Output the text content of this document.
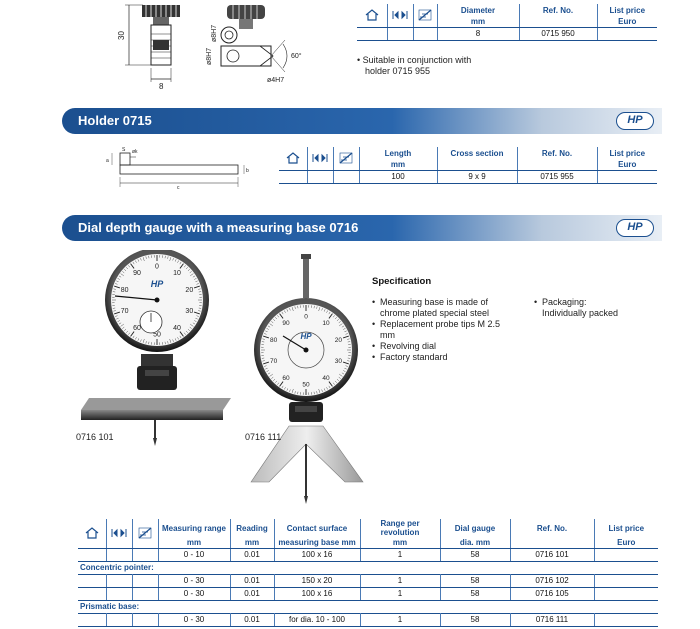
30
8
ø8H7
ø8H7
ø4H7
60°

	Diameter	Ref. No.	List price
			mm		Euro
			8	0715 950	
• Suitable in conjunction with
holder 0715 955
Holder 0715	HP
a
b
c
S øk

		Length	Cross section	Ref. No.	List price
			mm			Euro
			100	9 x 9	0715 955	
Dial depth gauge with a measuring base 0716	HP
0
10
20
30
40
50
60
70
80
90
HP
0716 101
0
10
20
30
40
50
60
70
80
90
HP
0716 111
Specification
• Measuring base is made of chrome plated special steel
• Replacement probe tips M 2.5 mm
• Revolving dial
• Factory standard
• Packaging: Individually packed

	Measuring range	Reading	Contact surface	Range per revolution	Dial gauge	Ref. No.	List price
			mm	mm	measuring base mm	mm	dia. mm		Euro
			0 - 10	0.01	100 x 16	1	58	0716 101	
Concentric pointer:									
			0 - 30	0.01	150 x 20	1	58	0716 102	
			0 - 30	0.01	100 x 16	1	58	0716 105	
Prismatic base:									
			0 - 30	0.01	for dia. 10 - 100	1	58	0716 111	
